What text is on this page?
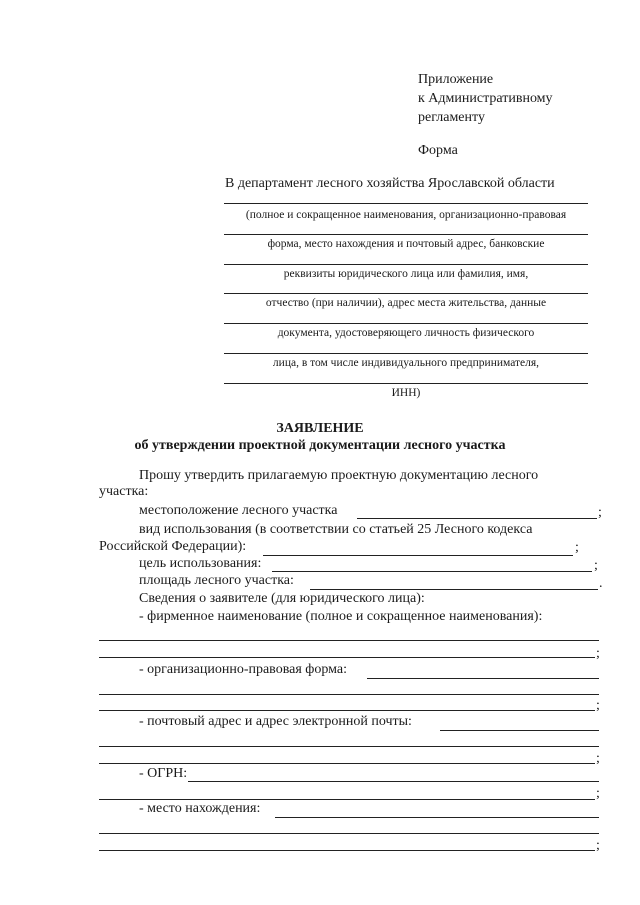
Приложение
к Административному
регламенту
Форма
В департамент лесного хозяйства Ярославской области
(полное и сокращенное наименования, организационно-правовая
форма, место нахождения и почтовый адрес, банковские
реквизиты юридического лица или фамилия, имя,
отчество (при наличии), адрес места жительства, данные
документа, удостоверяющего личность физического
лица, в том числе индивидуального предпринимателя,
ИНН)
ЗАЯВЛЕНИЕ
об утверждении проектной документации лесного участка
Прошу утвердить прилагаемую проектную документацию лесного
участка:
местоположение лесного участка	;
вид использования (в соответствии со статьей 25 Лесного кодекса
Российской Федерации):	;
цель использования:	;
площадь лесного участка:	.
Сведения о заявителе (для юридического лица):
- фирменное наименование (полное и сокращенное наименования):
;
- организационно-правовая форма:
;
- почтовый адрес и адрес электронной почты:
;
- ОГРН:
;
- место нахождения:
;
